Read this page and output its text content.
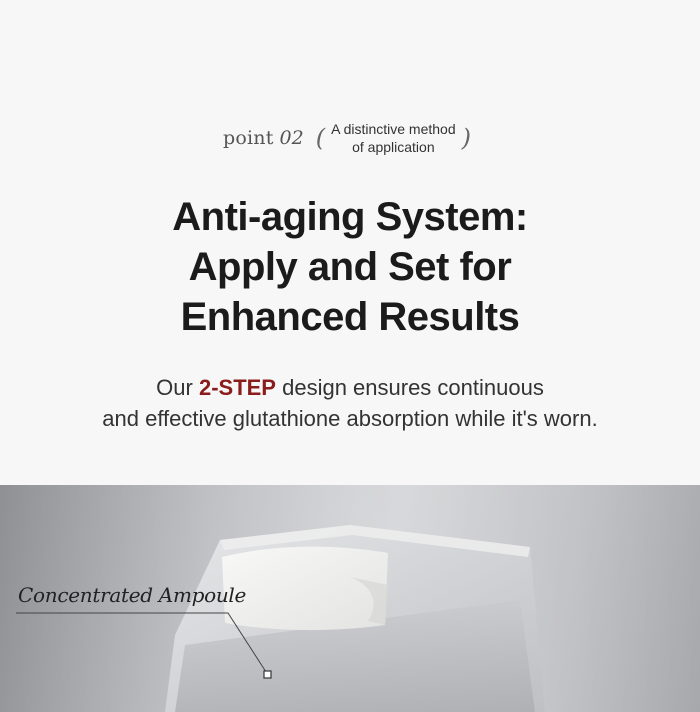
point 02 ( A distinctive method
of application	)
Anti-aging System:
Apply and Set for
Enhanced Results
Our 2-STEP design ensures continuous
and effective glutathione absorption while it's worn.
Concentrated Ampoule
